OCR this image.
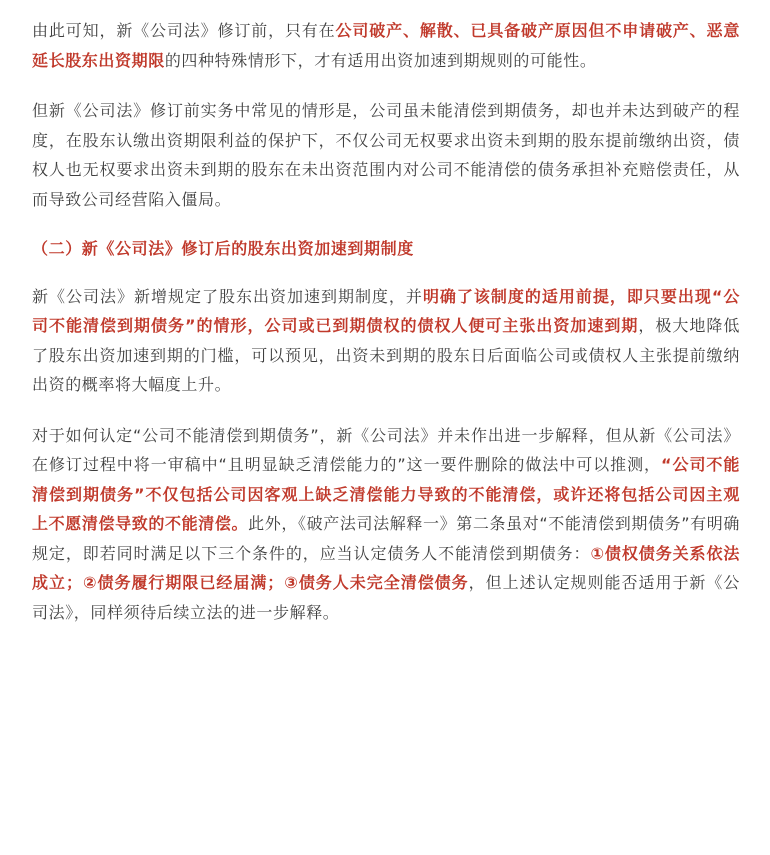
由此可知，新《公司法》修订前，只有在公司破产、解散、已具备破产原因但不申请破产、恶意延长股东出资期限的四种特殊情形下，才有适用出资加速到期规则的可能性。

但新《公司法》修订前实务中常见的情形是，公司虽未能清偿到期债务，却也并未达到破产的程度，在股东认缴出资期限利益的保护下，不仅公司无权要求出资未到期的股东提前缴纳出资，债权人也无权要求出资未到期的股东在未出资范围内对公司不能清偿的债务承担补充赔偿责任，从而导致公司经营陷入僵局。

（二）新《公司法》修订后的股东出资加速到期制度

新《公司法》新增规定了股东出资加速到期制度，并明确了该制度的适用前提，即只要出现“公司不能清偿到期债务”的情形，公司或已到期债权的债权人便可主张出资加速到期，极大地降低了股东出资加速到期的门槛，可以预见，出资未到期的股东日后面临公司或债权人主张提前缴纳出资的概率将大幅度上升。

对于如何认定“公司不能清偿到期债务”，新《公司法》并未作出进一步解释，但从新《公司法》在修订过程中将一审稿中“且明显缺乏清偿能力的”这一要件删除的做法中可以推测，“公司不能清偿到期债务”不仅包括公司因客观上缺乏清偿能力导致的不能清偿，或许还将包括公司因主观上不愿清偿导致的不能清偿。此外，《破产法司法解释一》第二条虽对“不能清偿到期债务”有明确规定，即若同时满足以下三个条件的，应当认定债务人不能清偿到期债务：①债权债务关系依法成立；②债务履行期限已经届满；③债务人未完全清偿债务，但上述认定规则能否适用于新《公司法》，同样须待后续立法的进一步解释。
